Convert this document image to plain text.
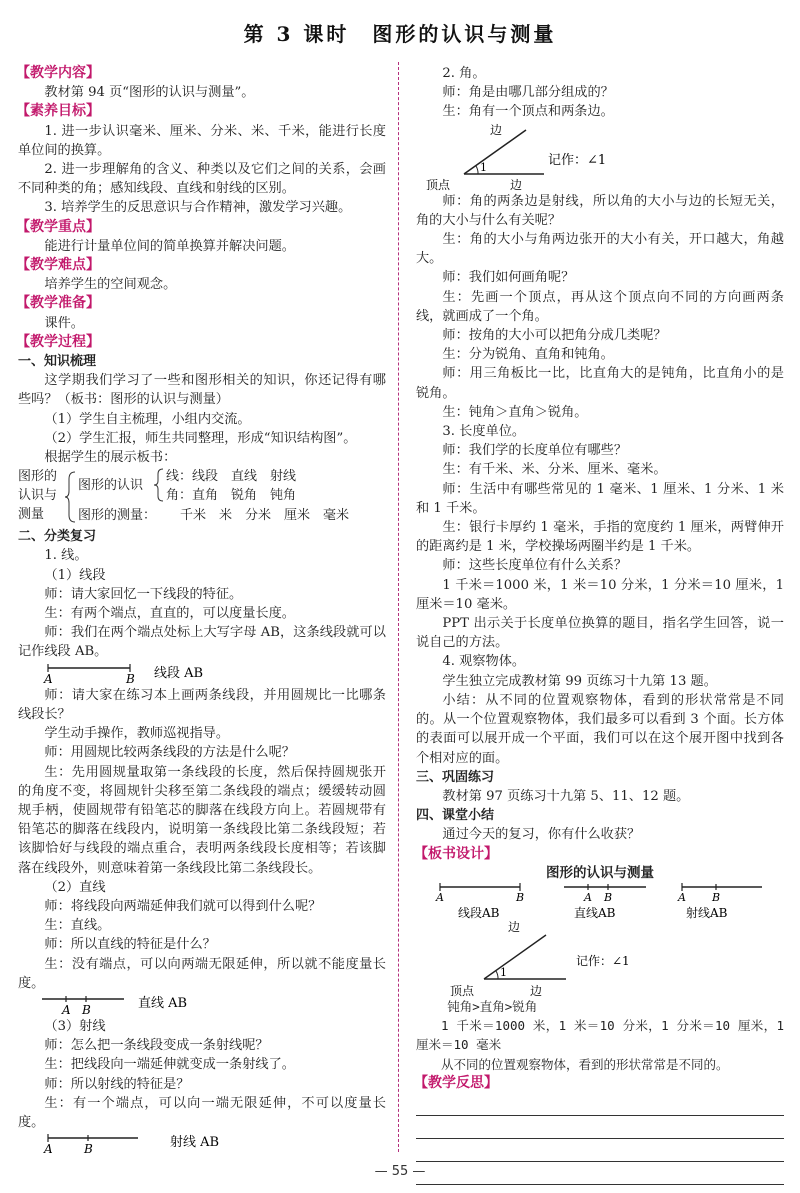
第 3 课时　图形的认识与测量
【教学内容】

教材第 94 页“图形的认识与测量”。

【素养目标】

1. 进一步认识毫米、厘米、分米、米、千米，能进行长度单位间的换算。

2. 进一步理解角的含义、种类以及它们之间的关系，会画不同种类的角；感知线段、直线和射线的区别。

3. 培养学生的反思意识与合作精神，激发学习兴趣。

【教学重点】

能进行计量单位间的简单换算并解决问题。

【教学难点】

培养学生的空间观念。

【教学准备】

课件。

【教学过程】
一、知识梳理

这学期我们学习了一些和图形相关的知识，你还记得有哪些吗？（板书：图形的认识与测量）

（1）学生自主梳理，小组内交流。

（2）学生汇报，师生共同整理，形成“知识结构图”。

根据学生的展示板书：

图形的
认识与
测量
图形的认识
线：线段　直线　射线
角：直角　锐角　钝角
图形的测量： 千米　米　分米　厘米　毫米
二、分类复习

1. 线。

（1）线段

师：请大家回忆一下线段的特征。

生：有两个端点，直直的，可以度量长度。

师：我们在两个端点处标上大写字母 AB，这条线段就可以记作线段 AB。

A	B 线段 AB

师：请大家在练习本上画两条线段，并用圆规比一比哪条线段长？

学生动手操作，教师巡视指导。

师：用圆规比较两条线段的方法是什么呢？

生：先用圆规量取第一条线段的长度，然后保持圆规张开的角度不变，将圆规针尖移至第二条线段的端点；缓缓转动圆规手柄，使圆规带有铅笔芯的脚落在线段方向上。若圆规带有铅笔芯的脚落在线段内，说明第一条线段比第二条线段短；若该脚恰好与线段的端点重合，表明两条线段长度相等；若该脚落在线段外，则意味着第一条线段比第二条线段长。

（2）直线

师：将线段向两端延伸我们就可以得到什么呢？

生：直线。

师：所以直线的特征是什么？

生：没有端点，可以向两端无限延伸，所以就不能度量长度。

A B	直线 AB

（3）射线

师：怎么把一条线段变成一条射线呢？

生：把线段向一端延伸就变成一条射线了。

师：所以射线的特征是？

生：有一个端点，可以向一端无限延伸，不可以度量长度。

A	B	射线 AB

2. 角。

师：角是由哪几部分组成的？

生：角有一个顶点和两条边。

1
边
顶点	边
记作：∠1

师：角的两条边是射线，所以角的大小与边的长短无关，角的大小与什么有关呢？

生：角的大小与角两边张开的大小有关，开口越大，角越大。

师：我们如何画角呢？

生：先画一个顶点，再从这个顶点向不同的方向画两条线，就画成了一个角。

师：按角的大小可以把角分成几类呢？

生：分为锐角、直角和钝角。

师：用三角板比一比，比直角大的是钝角，比直角小的是锐角。

生：钝角＞直角＞锐角。

3. 长度单位。

师：我们学的长度单位有哪些？

生：有千米、米、分米、厘米、毫米。

师：生活中有哪些常见的 1 毫米、1 厘米、1 分米、1 米和 1 千米。

生：银行卡厚约 1 毫米，手指的宽度约 1 厘米，两臂伸开的距离约是 1 米，学校操场两圈半约是 1 千米。

师：这些长度单位有什么关系？

1 千米＝1000 米，1 米＝10 分米，1 分米＝10 厘米，1 厘米＝10 毫米。

PPT 出示关于长度单位换算的题目，指名学生回答，说一说自己的方法。

4. 观察物体。

学生独立完成教材第 99 页练习十九第 13 题。

小结：从不同的位置观察物体，看到的形状常常是不同的。从一个位置观察物体，我们最多可以看到 3 个面。长方体的表面可以展开成一个平面，我们可以在这个展开图中找到各个相对应的面。

三、巩固练习

教材第 97 页练习十九第 5、11、12 题。

四、课堂小结

通过今天的复习，你有什么收获？

【板书设计】
图形的认识与测量
A	B
线段AB
A B
直线AB
A B
射线AB
1
边
顶点	边
记作：∠1

钝角>直角>锐角

1 千米＝1000 米，1 米＝10 分米，1 分米＝10 厘米，1 厘米＝10 毫米

从不同的位置观察物体，看到的形状常常是不同的。

【教学反思】
— 55 —
